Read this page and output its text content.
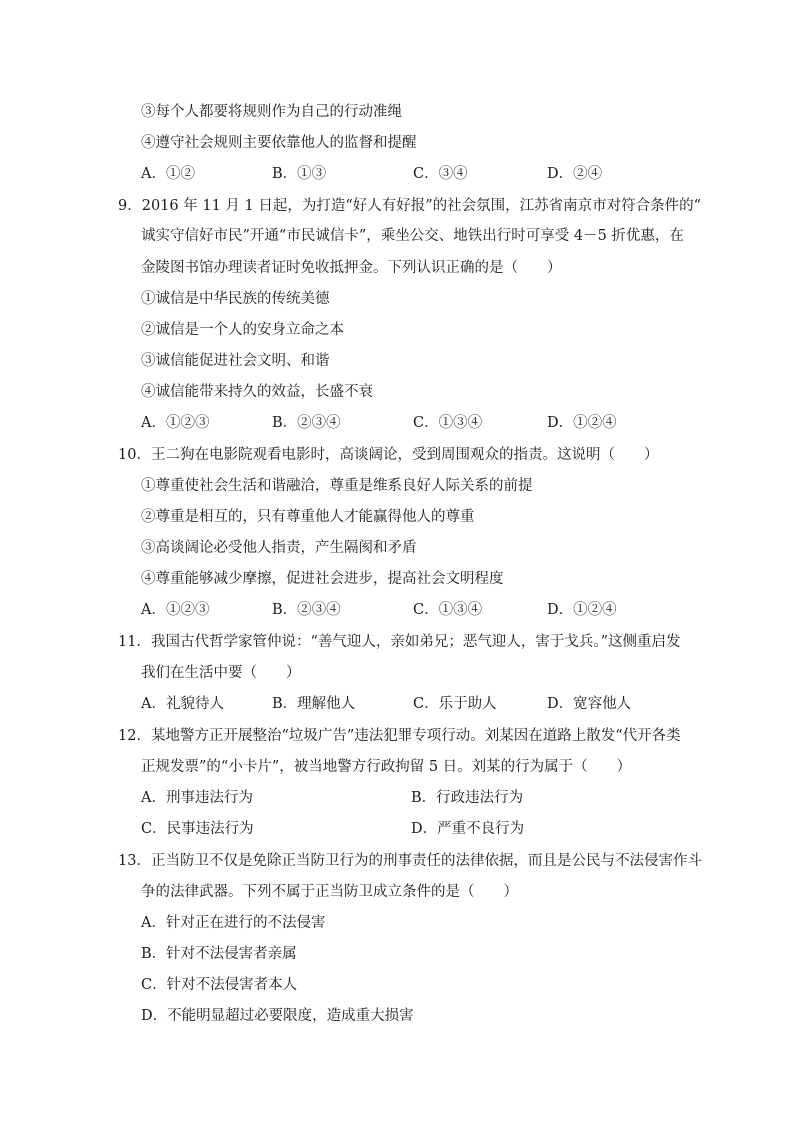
③每个人都要将规则作为自己的行动准绳
④遵守社会规则主要依靠他人的监督和提醒
A．①②	B．①③	C．③④	D．②④
9．2016 年 11 月 1 日起，为打造“好人有好报”的社会氛围，江苏省南京市对符合条件的“
诚实守信好市民”开通“市民诚信卡”，乘坐公交、地铁出行时可享受 4－5 折优惠，在
金陵图书馆办理读者证时免收抵押金。下列认识正确的是（　　）
①诚信是中华民族的传统美德
②诚信是一个人的安身立命之本
③诚信能促进社会文明、和谐
④诚信能带来持久的效益，长盛不衰
A．①②③	B．②③④	C．①③④	D．①②④
10．王二狗在电影院观看电影时，高谈阔论，受到周围观众的指责。这说明（　　）
①尊重使社会生活和谐融洽，尊重是维系良好人际关系的前提
②尊重是相互的，只有尊重他人才能赢得他人的尊重
③高谈阔论必受他人指责，产生隔阂和矛盾
④尊重能够减少摩擦，促进社会进步，提高社会文明程度
A．①②③	B．②③④	C．①③④	D．①②④
11．我国古代哲学家管仲说：“善气迎人，亲如弟兄；恶气迎人，害于戈兵。”这侧重启发
我们在生活中要（　　）
A．礼貌待人	B．理解他人	C．乐于助人	D．宽容他人
12．某地警方正开展整治“垃圾广告”违法犯罪专项行动。刘某因在道路上散发“代开各类
正规发票”的“小卡片”，被当地警方行政拘留 5 日。刘某的行为属于（　　）
A．刑事违法行为	B．行政违法行为
C．民事违法行为	D．严重不良行为
13．正当防卫不仅是免除正当防卫行为的刑事责任的法律依据，而且是公民与不法侵害作斗
争的法律武器。下列不属于正当防卫成立条件的是（　　）
A．针对正在进行的不法侵害
B．针对不法侵害者亲属
C．针对不法侵害者本人
D．不能明显超过必要限度，造成重大损害
